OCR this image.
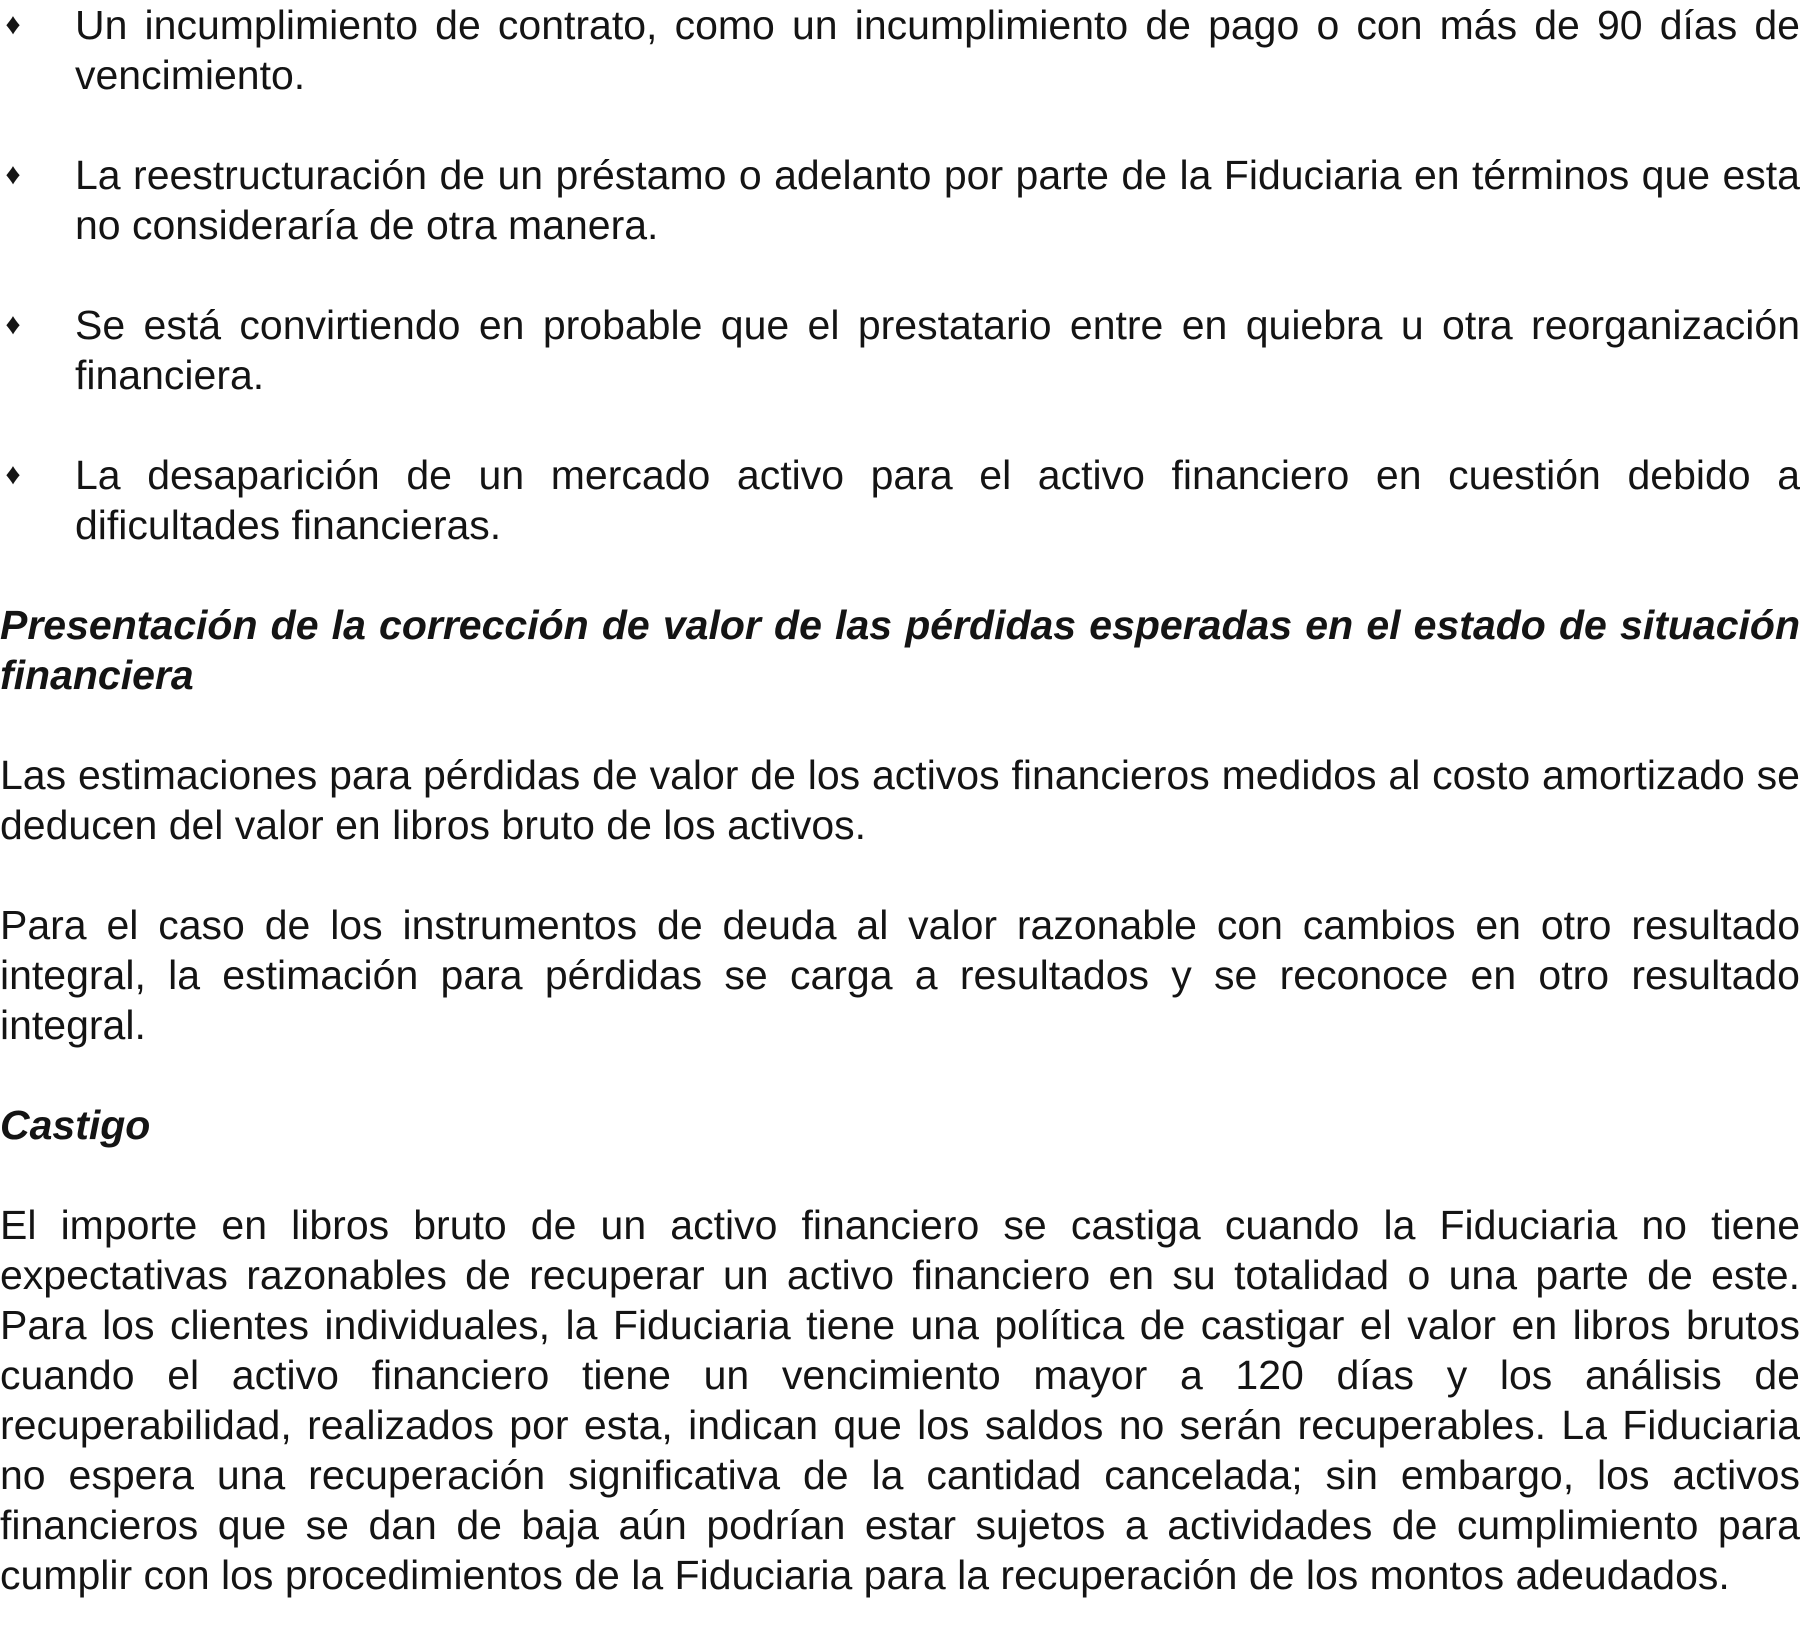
♦ Un incumplimiento de contrato, como un incumplimiento de pago o con más de 90 días de vencimiento.
♦ La reestructuración de un préstamo o adelanto por parte de la Fiduciaria en términos que esta no consideraría de otra manera.
♦ Se está convirtiendo en probable que el prestatario entre en quiebra u otra reorganización financiera.
♦ La desaparición de un mercado activo para el activo financiero en cuestión debido a dificultades financieras.

Presentación de la corrección de valor de las pérdidas esperadas en el estado de situación financiera

Las estimaciones para pérdidas de valor de los activos financieros medidos al costo amortizado se deducen del valor en libros bruto de los activos.

Para el caso de los instrumentos de deuda al valor razonable con cambios en otro resultado integral, la estimación para pérdidas se carga a resultados y se reconoce en otro resultado integral.

Castigo

El importe en libros bruto de un activo financiero se castiga cuando la Fiduciaria no tiene expectativas razonables de recuperar un activo financiero en su totalidad o una parte de este. Para los clientes individuales, la Fiduciaria tiene una política de castigar el valor en libros brutos cuando el activo financiero tiene un vencimiento mayor a 120 días y los análisis de recuperabilidad, realizados por esta, indican que los saldos no serán recuperables. La Fiduciaria no espera una recuperación significativa de la cantidad cancelada; sin embargo, los activos financieros que se dan de baja aún podrían estar sujetos a actividades de cumplimiento para cumplir con los procedimientos de la Fiduciaria para la recuperación de los montos adeudados.
